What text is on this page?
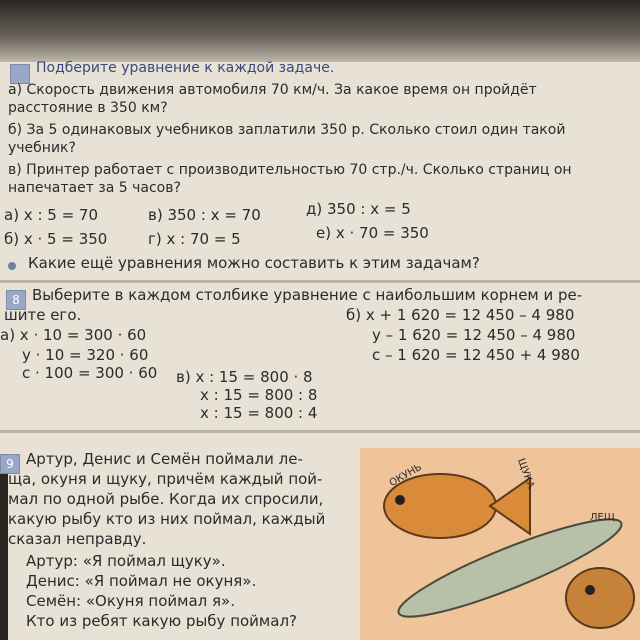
Подберите уравнение к каждой задаче.
а) Скорость движения автомобиля 70 км/ч. За какое время он пройдёт
расстояние в 350 км?
б) За 5 одинаковых учебников заплатили 350 р. Сколько стоил один такой
учебник?
в) Принтер работает с производительностью 70 стр./ч. Сколько страниц он
напечатает за 5 часов?
а) x : 5 = 70	в) 350 : x = 70	д) 350 : x = 5
б) x · 5 = 350	г) x : 70 = 5	е) x · 70 = 350
Какие ещё уравнения можно составить к этим задачам?
8 Выберите в каждом столбике уравнение с наибольшим корнем и ре-
шите его.
а) x · 10 = 300 · 60
y · 10 = 320 · 60
c · 100 = 300 · 60
б) x + 1 620 = 12 450 – 4 980
y – 1 620 = 12 450 – 4 980
c – 1 620 = 12 450 + 4 980
в) x : 15 = 800 · 8
x : 15 = 800 : 8
x : 15 = 800 : 4
9 Артур, Денис и Семён поймали ле-
ща, окуня и щуку, причём каждый пой-
мал по одной рыбе. Когда их спросили,
какую рыбу кто из них поймал, каждый
сказал неправду.
Артур: «Я поймал щуку».
Денис: «Я поймал не окуня».
Семён: «Окуня поймал я».
Кто из ребят какую рыбу поймал?
ОКУНЬ	ЩУКА
ЛЕЩ
